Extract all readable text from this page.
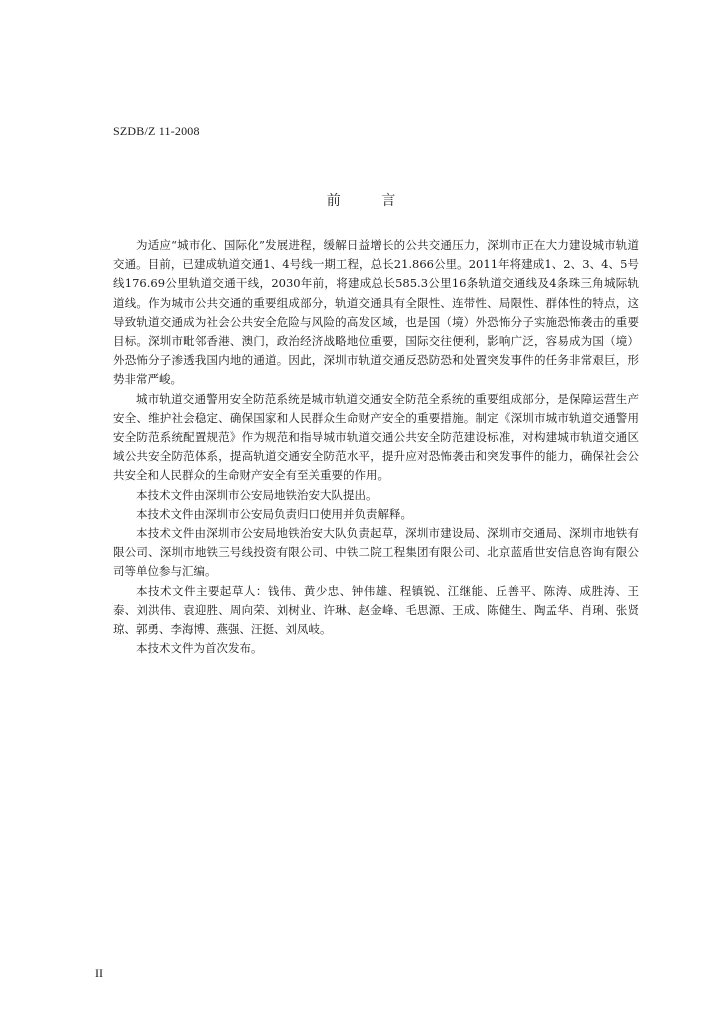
SZDB/Z 11-2008
前 言

为适应“城市化、国际化”发展进程，缓解日益增长的公共交通压力，深圳市正在大力建设城市轨道交通。目前，已建成轨道交通1、4号线一期工程，总长21.866公里。2011年将建成1、2、3、4、5号线176.69公里轨道交通干线，2030年前，将建成总长585.3公里16条轨道交通线及4条珠三角城际轨道线。作为城市公共交通的重要组成部分，轨道交通具有全限性、连带性、局限性、群体性的特点，这导致轨道交通成为社会公共安全危险与风险的高发区域，也是国（境）外恐怖分子实施恐怖袭击的重要目标。深圳市毗邻香港、澳门，政治经济战略地位重要，国际交往便利，影响广泛，容易成为国（境）外恐怖分子渗透我国内地的通道。因此，深圳市轨道交通反恐防恐和处置突发事件的任务非常艰巨，形势非常严峻。

城市轨道交通警用安全防范系统是城市轨道交通安全防范全系统的重要组成部分，是保障运营生产安全、维护社会稳定、确保国家和人民群众生命财产安全的重要措施。制定《深圳市城市轨道交通警用安全防范系统配置规范》作为规范和指导城市轨道交通公共安全防范建设标准，对构建城市轨道交通区域公共安全防范体系，提高轨道交通安全防范水平，提升应对恐怖袭击和突发事件的能力，确保社会公共安全和人民群众的生命财产安全有至关重要的作用。

本技术文件由深圳市公安局地铁治安大队提出。

本技术文件由深圳市公安局负责归口使用并负责解释。

本技术文件由深圳市公安局地铁治安大队负责起草，深圳市建设局、深圳市交通局、深圳市地铁有限公司、深圳市地铁三号线投资有限公司、中铁二院工程集团有限公司、北京蓝盾世安信息咨询有限公司等单位参与汇编。

本技术文件主要起草人：钱伟、黄少忠、钟伟雄、程镇锐、江继能、丘善平、陈涛、成胜涛、王泰、刘洪伟、袁迎胜、周向荣、刘树业、许琳、赵金峰、毛思源、王成、陈健生、陶孟华、肖琍、张贤琼、郭勇、李海博、燕强、汪挺、刘凤岐。

本技术文件为首次发布。

II
